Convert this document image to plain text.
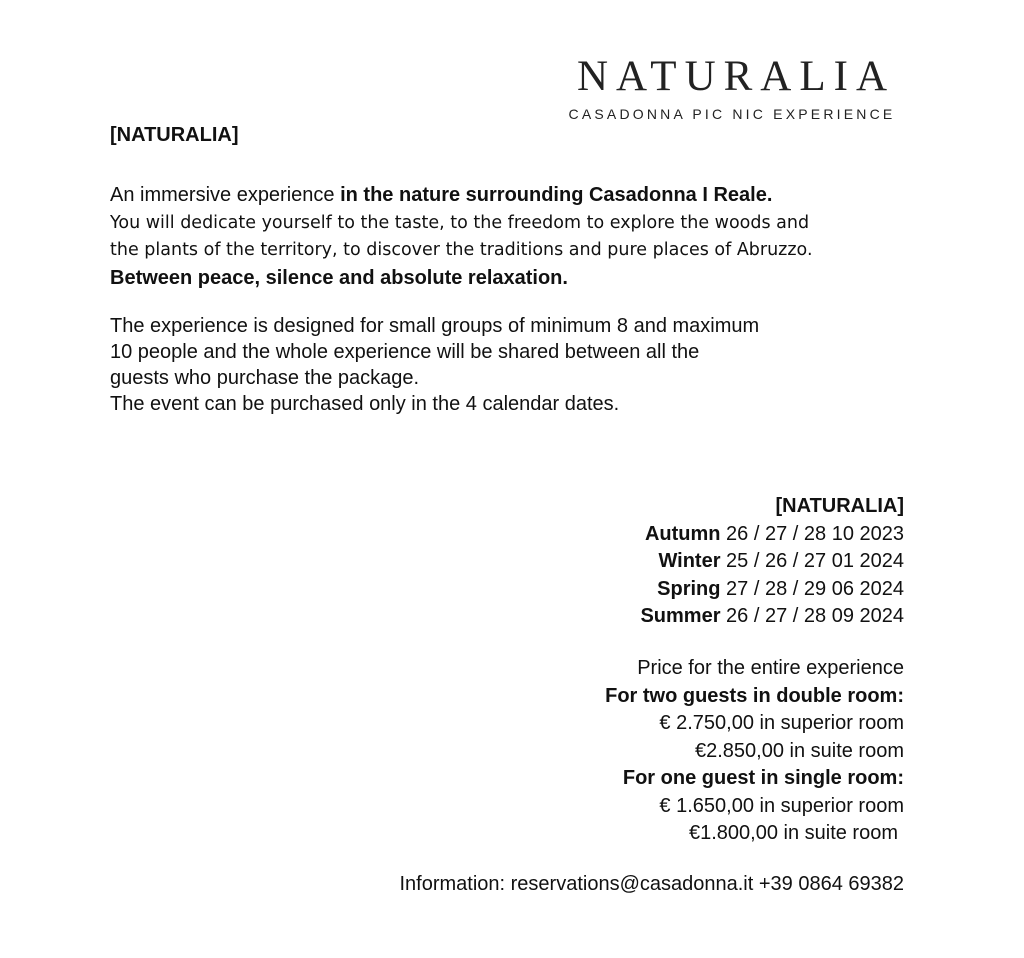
NATURALIA
CASADONNA PIC NIC EXPERIENCE
[NATURALIA]
An immersive experience in the nature surrounding Casadonna I Reale.
You will dedicate yourself to the taste, to the freedom to explore the woods and
the plants of the territory, to discover the traditions and pure places of Abruzzo.
Between peace, silence and absolute relaxation.
The experience is designed for small groups of minimum 8 and maximum
10 people and the whole experience will be shared between all the
guests who purchase the package.
The event can be purchased only in the 4 calendar dates.
[NATURALIA]
Autumn 26 / 27 / 28 10 2023
Winter 25 / 26 / 27 01 2024
Spring 27 / 28 / 29 06 2024
Summer 26 / 27 / 28 09 2024
Price for the entire experience
For two guests in double room:
€ 2.750,00 in superior room
€2.850,00 in suite room
For one guest in single room:
€ 1.650,00 in superior room
€1.800,00 in suite room
Information: reservations@casadonna.it +39 0864 69382
